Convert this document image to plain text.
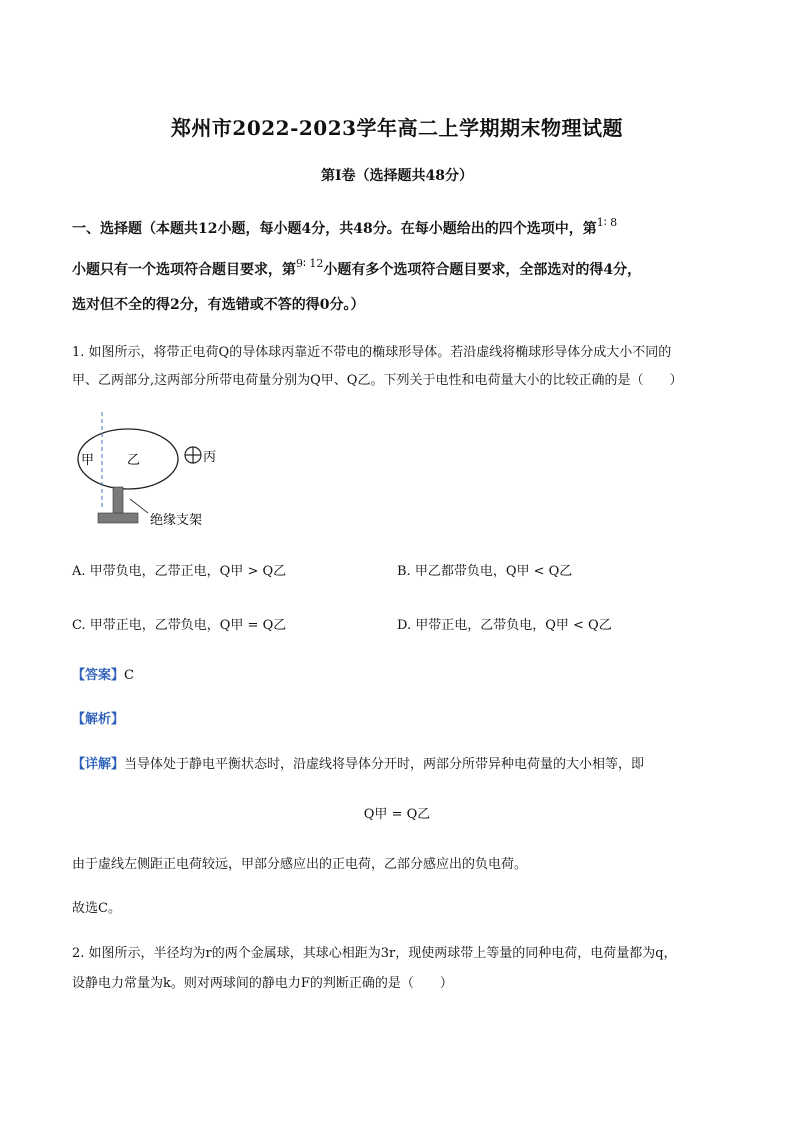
郑州市2022-2023学年高二上学期期末物理试题
第Ⅰ卷（选择题共48分）
一、选择题（本题共12小题，每小题4分，共48分。在每小题给出的四个选项中，第$^{1∶ 8}$
小题只有一个选项符合题目要求，第$^{9∶ 12}$小题有多个选项符合题目要求，全部选对的得4分，
选对但不全的得2分，有选错或不答的得0分。）
1. 如图所示，将带正电荷Q的导体球丙靠近不带电的椭球形导体。若沿虚线将椭球形导体分成大小不同的
甲、乙两部分,这两部分所带电荷量分别为Q甲、Q乙。下列关于电性和电荷量大小的比较正确的是（　　）
甲	乙
绝缘支架
丙
A. 甲带负电，乙带正电，Q甲 > Q乙	B. 甲乙都带负电，Q甲 < Q乙
C. 甲带正电，乙带负电，Q甲 = Q乙	D. 甲带正电，乙带负电，Q甲 < Q乙
【答案】C
【解析】
【详解】当导体处于静电平衡状态时，沿虚线将导体分开时，两部分所带异种电荷量的大小相等，即
Q甲 = Q乙
由于虚线左侧距正电荷较远，甲部分感应出的正电荷，乙部分感应出的负电荷。
故选C。
2. 如图所示，半径均为r的两个金属球，其球心相距为3r，现使两球带上等量的同种电荷，电荷量都为q，
设静电力常量为k。则对两球间的静电力F的判断正确的是（　　）
